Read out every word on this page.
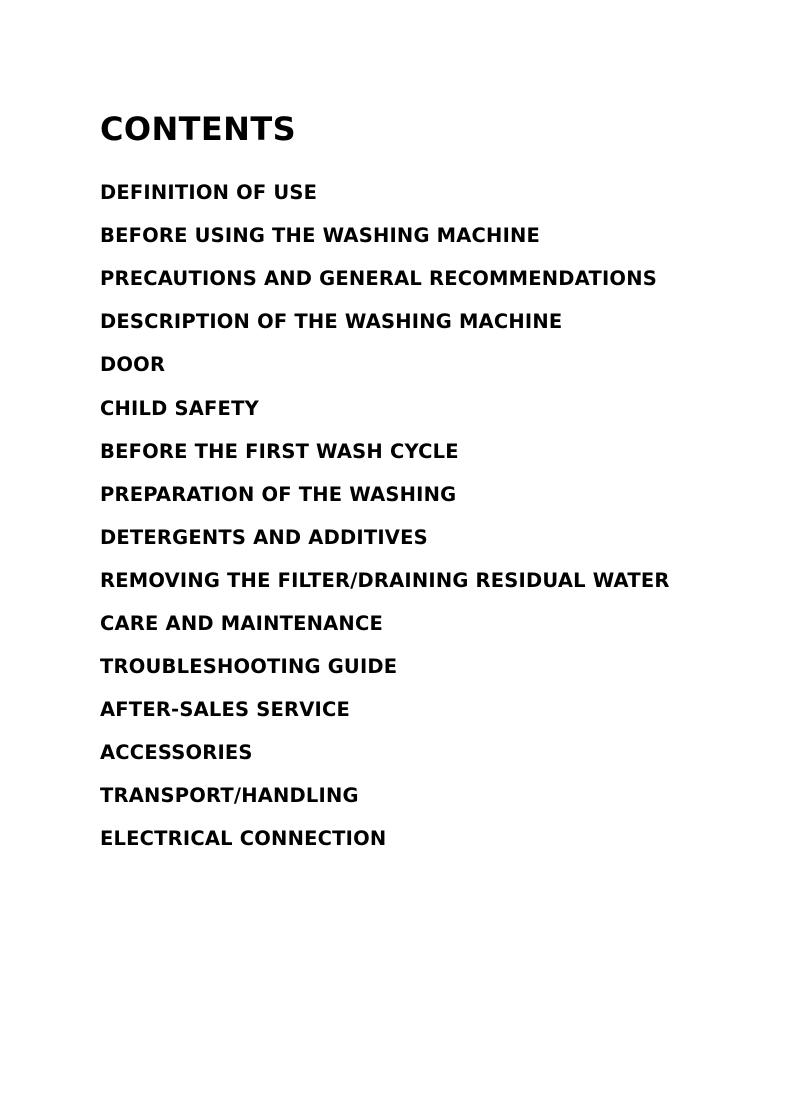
CONTENTS
DEFINITION OF USE
BEFORE USING THE WASHING MACHINE
PRECAUTIONS AND GENERAL RECOMMENDATIONS
DESCRIPTION OF THE WASHING MACHINE
DOOR
CHILD SAFETY
BEFORE THE FIRST WASH CYCLE
PREPARATION OF THE WASHING
DETERGENTS AND ADDITIVES
REMOVING THE FILTER/DRAINING RESIDUAL WATER
CARE AND MAINTENANCE
TROUBLESHOOTING GUIDE
AFTER-SALES SERVICE
ACCESSORIES
TRANSPORT/HANDLING
ELECTRICAL CONNECTION
